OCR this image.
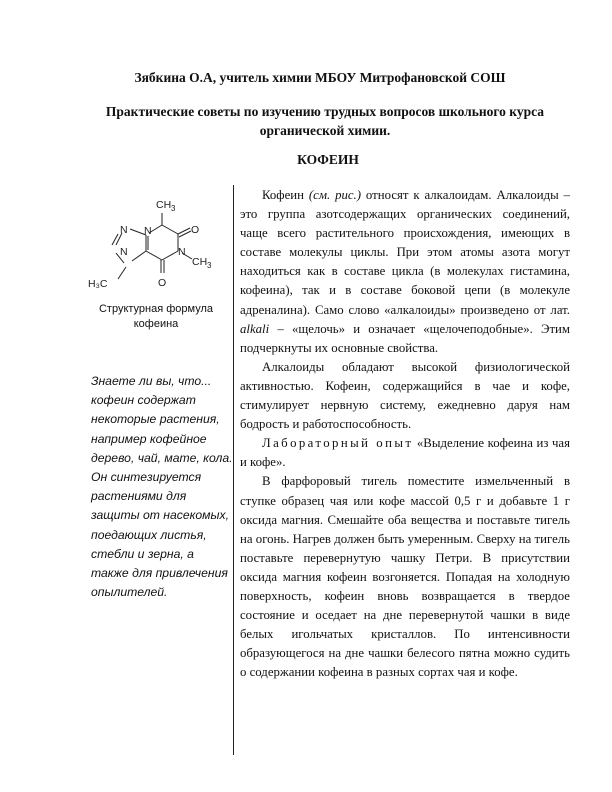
Зябкина О.А, учитель химии МБОУ Митрофановской СОШ
Практические советы по изучению трудных вопросов школьного курса органической химии.
КОФЕИН
CH 3
N	O
N
N
CH 3
N
H₃C	O
Структурная формула кофеина
Знаете ли вы, что... кофеин содержат некоторые растения, например кофейное дерево, чай, мате, кола. Он синтезируется растениями для защиты от насекомых, поедающих листья, стебли и зерна, а также для привлечения опылителей.

Кофеин (см. рис.) относят к алкалоидам. Алкалоиды – это группа азотсодержащих органических соединений, чаще всего растительного происхождения, имеющих в составе молекулы циклы. При этом атомы азота могут находиться как в составе цикла (в молекулах гистамина, кофеина), так и в составе боковой цепи (в молекуле адреналина). Само слово «алкалоиды» произведено от лат. alkali – «щелочь» и означает «щелочеподобные». Этим подчеркнуты их основные свойства.

Алкалоиды обладают высокой физиологической активностью. Кофеин, содержащийся в чае и кофе, стимулирует нервную систему, ежедневно даруя нам бодрость и работоспособность.

Лабораторный опыт «Выделение кофеина из чая и кофе».

В фарфоровый тигель поместите измельченный в ступке образец чая или кофе массой 0,5 г и добавьте 1 г оксида магния. Смешайте оба вещества и поставьте тигель на огонь. Нагрев должен быть умеренным. Сверху на тигель поставьте перевернутую чашку Петри. В присутствии оксида магния кофеин возгоняется. Попадая на холодную поверхность, кофеин вновь возвращается в твердое состояние и оседает на дне перевернутой чашки в виде белых игольчатых кристаллов. По интенсивности образующегося на дне чашки белесого пятна можно судить о содержании кофеина в разных сортах чая и кофе.
